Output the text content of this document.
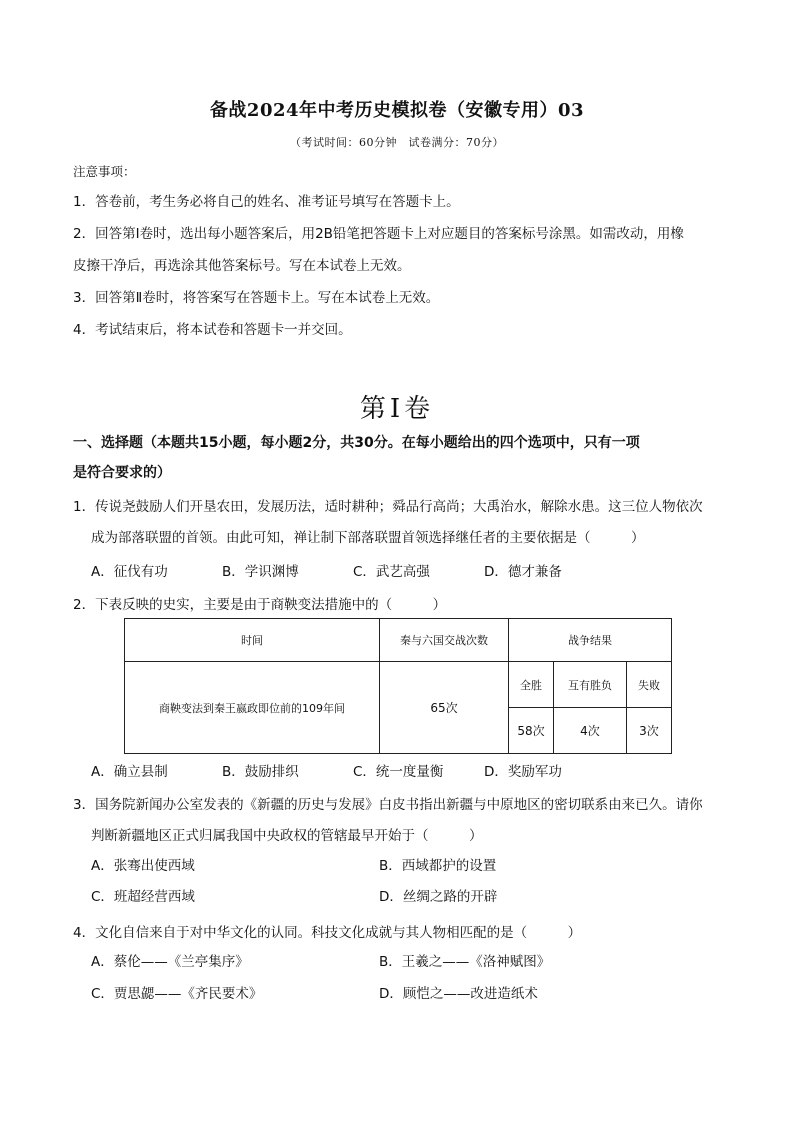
备战2024年中考历史模拟卷（安徽专用）03
（考试时间：60分钟　试卷满分：70分）
注意事项：
1．答卷前，考生务必将自己的姓名、准考证号填写在答题卡上。
2．回答第Ⅰ卷时，选出每小题答案后，用2B铅笔把答题卡上对应题目的答案标号涂黑。如需改动，用橡
皮擦干净后，再选涂其他答案标号。写在本试卷上无效。
3．回答第Ⅱ卷时，将答案写在答题卡上。写在本试卷上无效。
4．考试结束后，将本试卷和答题卡一并交回。
第Ⅰ卷
一、选择题（本题共15小题，每小题2分，共30分。在每小题给出的四个选项中，只有一项
是符合要求的）
1．传说尧鼓励人们开垦农田，发展历法，适时耕种；舜品行高尚；大禹治水，解除水患。这三位人物依次
成为部落联盟的首领。由此可知，禅让制下部落联盟首领选择继任者的主要依据是（　　　）
A．征伐有功	B．学识渊博	C．武艺高强	D．德才兼备
2．下表反映的史实，主要是由于商鞅变法措施中的（　　　）
时间	秦与六国交战次数	战争结果		

商鞅变法到秦王嬴政即位前的109年间	65次	全胜	互有胜负	失败
		58次	4次	3次
A．确立县制	B．鼓励排织	C．统一度量衡	D．奖励军功
3．国务院新闻办公室发表的《新疆的历史与发展》白皮书指出新疆与中原地区的密切联系由来已久。请你
判断新疆地区正式归属我国中央政权的管辖最早开始于（　　　）
A．张骞出使西域	B．西域都护的设置
C．班超经营西域	D．丝绸之路的开辟
4．文化自信来自于对中华文化的认同。科技文化成就与其人物相匹配的是（　　　）
A．蔡伦——《兰亭集序》	B．王羲之——《洛神赋图》
C．贾思勰——《齐民要术》	D．顾恺之——改进造纸术
